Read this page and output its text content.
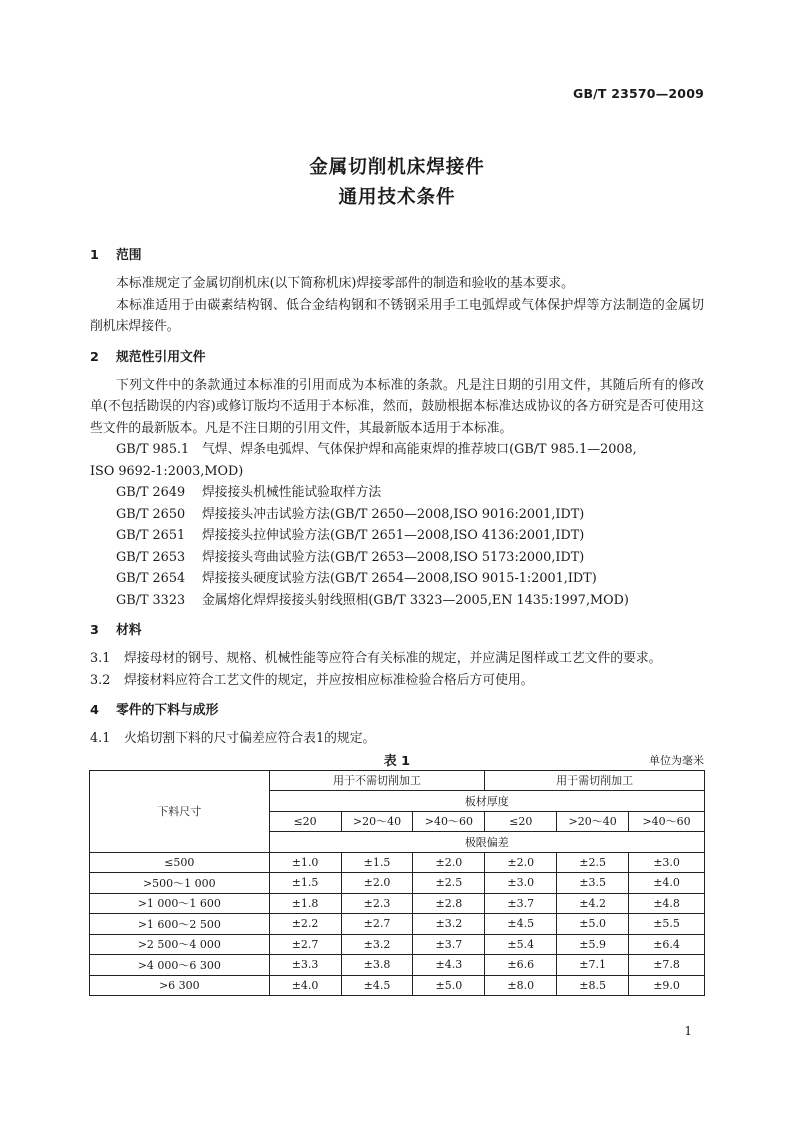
GB/T 23570—2009
金属切削机床焊接件
通用技术条件
1 范围
本标准规定了金属切削机床(以下简称机床)焊接零部件的制造和验收的基本要求。
本标准适用于由碳素结构钢、低合金结构钢和不锈钢采用手工电弧焊或气体保护焊等方法制造的金属切削机床焊接件。
2 规范性引用文件
下列文件中的条款通过本标准的引用而成为本标准的条款。凡是注日期的引用文件，其随后所有的修改单(不包括勘误的内容)或修订版均不适用于本标准，然而，鼓励根据本标准达成协议的各方研究是否可使用这些文件的最新版本。凡是不注日期的引用文件，其最新版本适用于本标准。
GB/T 985.1　气焊、焊条电弧焊、气体保护焊和高能束焊的推荐坡口(GB/T 985.1—2008,
ISO 9692-1:2003,MOD)
GB/T 2649 焊接接头机械性能试验取样方法
GB/T 2650 焊接接头冲击试验方法(GB/T 2650—2008,ISO 9016:2001,IDT)
GB/T 2651 焊接接头拉伸试验方法(GB/T 2651—2008,ISO 4136:2001,IDT)
GB/T 2653 焊接接头弯曲试验方法(GB/T 2653—2008,ISO 5173:2000,IDT)
GB/T 2654 焊接接头硬度试验方法(GB/T 2654—2008,ISO 9015-1:2001,IDT)
GB/T 3323 金属熔化焊焊接接头射线照相(GB/T 3323—2005,EN 1435:1997,MOD)
3 材料
3.1 焊接母材的钢号、规格、机械性能等应符合有关标准的规定，并应满足图样或工艺文件的要求。
3.2 焊接材料应符合工艺文件的规定，并应按相应标准检验合格后方可使用。
4 零件的下料与成形
4.1 火焰切割下料的尺寸偏差应符合表1的规定。
表 1	单位为毫米
下料尺寸	用于不需切削加工			用于需切削加工		
	板材厚度					
	≤20	>20～40	>40～60	≤20	>20～40	>40～60
	极限偏差					
≤500	±1.0	±1.5	±2.0	±2.0	±2.5	±3.0
>500～1 000	±1.5	±2.0	±2.5	±3.0	±3.5	±4.0
>1 000～1 600	±1.8	±2.3	±2.8	±3.7	±4.2	±4.8
>1 600～2 500	±2.2	±2.7	±3.2	±4.5	±5.0	±5.5
>2 500～4 000	±2.7	±3.2	±3.7	±5.4	±5.9	±6.4
>4 000～6 300	±3.3	±3.8	±4.3	±6.6	±7.1	±7.8
>6 300	±4.0	±4.5	±5.0	±8.0	±8.5	±9.0
1
